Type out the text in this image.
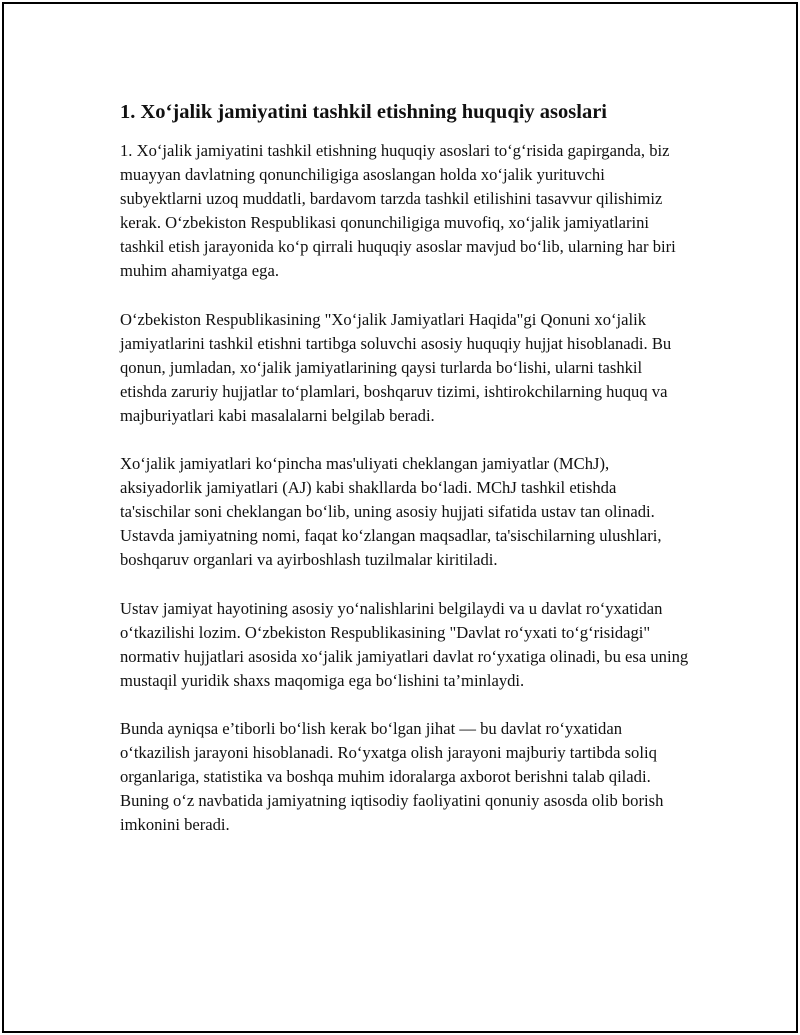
1. Xo‘jalik jamiyatini tashkil etishning huquqiy asoslari

1. Xo‘jalik jamiyatini tashkil etishning huquqiy asoslari to‘g‘risida gapirganda, biz muayyan davlatning qonunchiligiga asoslangan holda xo‘jalik yurituvchi subyektlarni uzoq muddatli, bardavom tarzda tashkil etilishini tasavvur qilishimiz kerak. O‘zbekiston Respublikasi qonunchiligiga muvofiq, xo‘jalik jamiyatlarini tashkil etish jarayonida ko‘p qirrali huquqiy asoslar mavjud bo‘lib, ularning har biri muhim ahamiyatga ega.

O‘zbekiston Respublikasining "Xo‘jalik Jamiyatlari Haqida"gi Qonuni xo‘jalik jamiyatlarini tashkil etishni tartibga soluvchi asosiy huquqiy hujjat hisoblanadi. Bu qonun, jumladan, xo‘jalik jamiyatlarining qaysi turlarda bo‘lishi, ularni tashkil etishda zaruriy hujjatlar to‘plamlari, boshqaruv tizimi, ishtirokchilarning huquq va majburiyatlari kabi masalalarni belgilab beradi.

Xo‘jalik jamiyatlari ko‘pincha mas'uliyati cheklangan jamiyatlar (MChJ), aksiyadorlik jamiyatlari (AJ) kabi shakllarda bo‘ladi. MChJ tashkil etishda ta'sischilar soni cheklangan bo‘lib, uning asosiy hujjati sifatida ustav tan olinadi. Ustavda jamiyatning nomi, faqat ko‘zlangan maqsadlar, ta'sischilarning ulushlari, boshqaruv organlari va ayirboshlash tuzilmalar kiritiladi.

Ustav jamiyat hayotining asosiy yo‘nalishlarini belgilaydi va u davlat ro‘yxatidan o‘tkazilishi lozim. O‘zbekiston Respublikasining "Davlat ro‘yxati to‘g‘risidagi" normativ hujjatlari asosida xo‘jalik jamiyatlari davlat ro‘yxatiga olinadi, bu esa uning mustaqil yuridik shaxs maqomiga ega bo‘lishini ta’minlaydi.

Bunda ayniqsa e’tiborli bo‘lish kerak bo‘lgan jihat — bu davlat ro‘yxatidan o‘tkazilish jarayoni hisoblanadi. Ro‘yxatga olish jarayoni majburiy tartibda soliq organlariga, statistika va boshqa muhim idoralarga axborot berishni talab qiladi. Buning o‘z navbatida jamiyatning iqtisodiy faoliyatini qonuniy asosda olib borish imkonini beradi.
